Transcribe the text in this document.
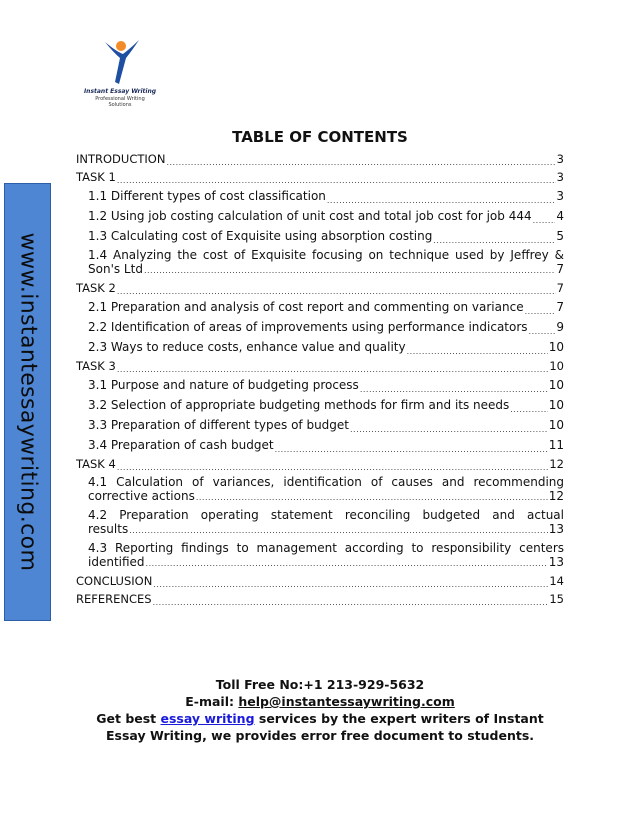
Instant Essay Writing
Professional Writing
Solutions
www.instantessaywriting.com
TABLE OF CONTENTS
INTRODUCTION .....	3
TASK 1 .....	3
1.1 Different types of cost classification .....	3
1.2 Using job costing calculation of unit cost and total job cost for job 444 ..... 4
1.3 Calculating cost of Exquisite using absorption costing .....	5
1.4 Analyzing the cost of Exquisite focusing on technique used by Jeffrey &
Son's Ltd .....	7
TASK 2 .....	7
2.1 Preparation and analysis of cost report and commenting on variance .....	7
2.2 Identification of areas of improvements using performance indicators ..... 9
2.3 Ways to reduce costs, enhance value and quality .....	10
TASK 3 .....	10
3.1 Purpose and nature of budgeting process .....	10
3.2 Selection of appropriate budgeting methods for firm and its needs .....	10
3.3 Preparation of different types of budget .....	10
3.4 Preparation of cash budget .....	11
TASK 4 .....	12
4.1 Calculation of variances, identification of causes and recommending
corrective actions .....	12
4.2 Preparation operating statement reconciling budgeted and actual
results .....	13
4.3 Reporting findings to management according to responsibility centers
identified .....	13
CONCLUSION .....	14
REFERENCES .....	15
Toll Free No:+1 213-929-5632
E-mail: help@instantessaywriting.com
Get best essay writing services by the expert writers of Instant
Essay Writing, we provides error free document to students.
